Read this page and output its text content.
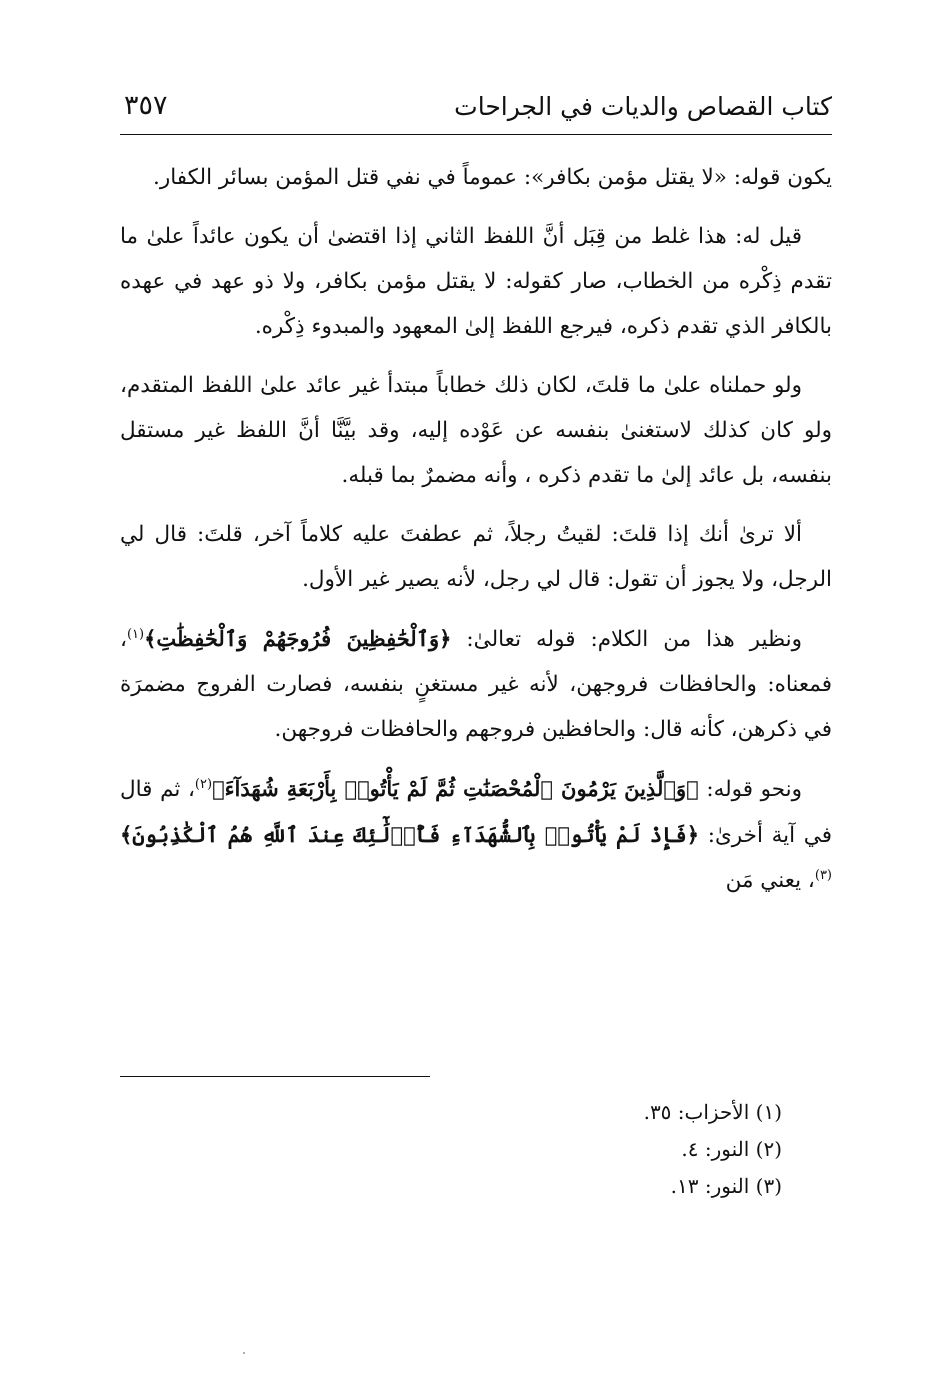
كتاب القصاص والديات في الجراحات
٣٥٧

يكون قوله: «لا يقتل مؤمن بكافر»: عموماً في نفي قتل المؤمن بسائر الكفار.

قيل له: هذا غلط من قِبَل أنَّ اللفظ الثاني إذا اقتضىٰ أن يكون عائداً علىٰ ما تقدم ذِكْره من الخطاب، صار كقوله: لا يقتل مؤمن بكافر، ولا ذو عهد في عهده بالكافر الذي تقدم ذكره، فيرجع اللفظ إلىٰ المعهود والمبدوء ذِكْره.

ولو حملناه علىٰ ما قلتَ، لكان ذلك خطاباً مبتدأ غير عائد علىٰ اللفظ المتقدم، ولو كان كذلك لاستغنىٰ بنفسه عن عَوْده إليه، وقد بيَّنَّا أنَّ اللفظ غير مستقل بنفسه، بل عائد إلىٰ ما تقدم ذكره ، وأنه مضمرٌ بما قبله.

ألا ترىٰ أنك إذا قلتَ: لقيتُ رجلاً، ثم عطفتَ عليه كلاماً آخر، قلتَ: قال لي الرجل، ولا يجوز أن تقول: قال لي رجل، لأنه يصير غير الأول.

ونظير هذا من الكلام: قوله تعالىٰ: ﴿وَٱلْحَٰفِظِينَ فُرُوجَهُمْ وَٱلْحَٰفِظَٰتِ﴾$^{(١)}$، فمعناه: والحافظات فروجهن، لأنه غير مستغنٍ بنفسه، فصارت الفروج مضمرَة في ذكرهن، كأنه قال: والحافظين فروجهم والحافظات فروجهن.

ونحو قوله: ﴿وَٱلَّذِينَ يَرْمُونَ ٱلْمُحْصَنَٰتِ ثُمَّ لَمْ يَأْتُوا۟ بِأَرْبَعَةِ شُهَدَآءَ﴾$^{(٢)}$، ثم قال في آية أخرىٰ: ﴿فَإِذْ لَمْ يَأْتُوا۟ بِٱلشُّهَدَآءِ فَأُو۟لَٰٓئِكَ عِندَ ٱللَّهِ هُمُ ٱلْكَٰذِبُونَ﴾$^{(٣)}$، يعني مَن

(١) الأحزاب: ٣٥.
(٢) النور: ٤.
(٣) النور: ١٣.
